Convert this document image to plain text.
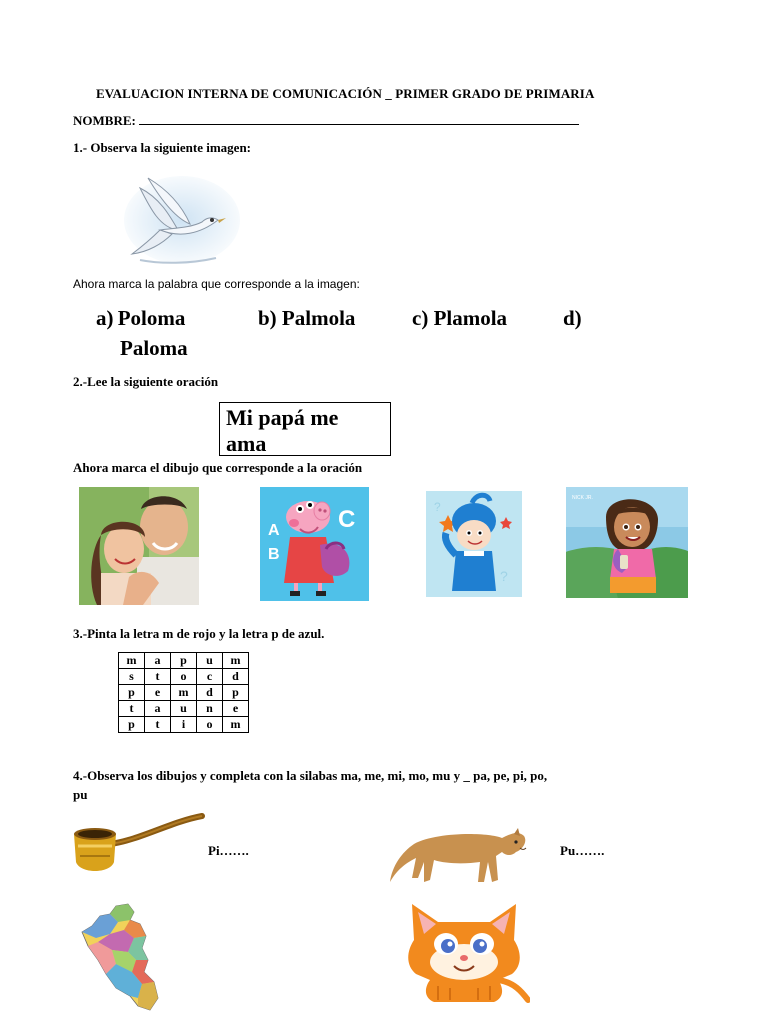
EVALUACION INTERNA DE COMUNICACIÓN _ PRIMER GRADO DE PRIMARIA
NOMBRE:
1.- Observa la siguiente imagen:
Ahora marca la palabra que corresponde a la imagen:
a) Poloma	b) Palmola	c) Plamola	d)
Paloma
2.-Lee la siguiente oración
Mi papá me
ama
Ahora marca el dibujo que corresponde a la oración
A
B
C	?
?
NICK JR.
3.-Pinta la letra m de rojo y la letra p de azul.
m	a	p	u	m
s	t	o	c	d
p	e	m	d	p
t	a	u	n	e
p	t	i	o	m
4.-Observa los dibujos y completa con la silabas ma, me, mi, mo, mu y _ pa, pe, pi, po,
pu
Pi…….	Pu…….
